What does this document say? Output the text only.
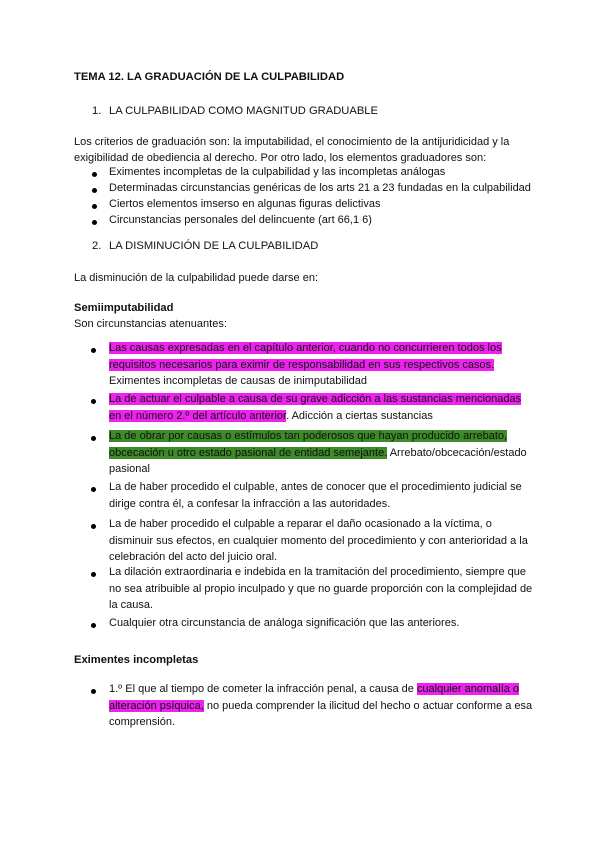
TEMA 12. LA GRADUACIÓN DE LA CULPABILIDAD
1. LA CULPABILIDAD COMO MAGNITUD GRADUABLE
Los criterios de graduación son: la imputabilidad, el conocimiento de la antijuridicidad y la
exigibilidad de obediencia al derecho. Por otro lado, los elementos graduadores son:
Eximentes incompletas de la culpabilidad y las incompletas análogas
Determinadas circunstancias genéricas de los arts 21 a 23 fundadas en la culpabilidad
Ciertos elementos imserso en algunas figuras delictivas
Circunstancias personales del delincuente (art 66,1 6)
2. LA DISMINUCIÓN DE LA CULPABILIDAD
La disminución de la culpabilidad puede darse en:
Semiimputabilidad
Son circunstancias atenuantes:
Las causas expresadas en el capítulo anterior, cuando no concurrieren todos los
requisitos necesarios para eximir de responsabilidad en sus respectivos casos.
Eximentes incompletas de causas de inimputabilidad
La de actuar el culpable a causa de su grave adicción a las sustancias mencionadas
en el número 2.º del artículo anterior. Adicción a ciertas sustancias
La de obrar por causas o estímulos tan poderosos que hayan producido arrebato,
obcecación u otro estado pasional de entidad semejante. Arrebato/obcecación/estado
pasional
La de haber procedido el culpable, antes de conocer que el procedimiento judicial se
dirige contra él, a confesar la infracción a las autoridades.
La de haber procedido el culpable a reparar el daño ocasionado a la víctima, o
disminuir sus efectos, en cualquier momento del procedimiento y con anterioridad a la
celebración del acto del juicio oral.
La dilación extraordinaria e indebida en la tramitación del procedimiento, siempre que
no sea atribuible al propio inculpado y que no guarde proporción con la complejidad de
la causa.
Cualquier otra circunstancia de análoga significación que las anteriores.
Eximentes incompletas
1.º El que al tiempo de cometer la infracción penal, a causa de cualquier anomalía o
alteración psíquica, no pueda comprender la ilicitud del hecho o actuar conforme a esa
comprensión.
